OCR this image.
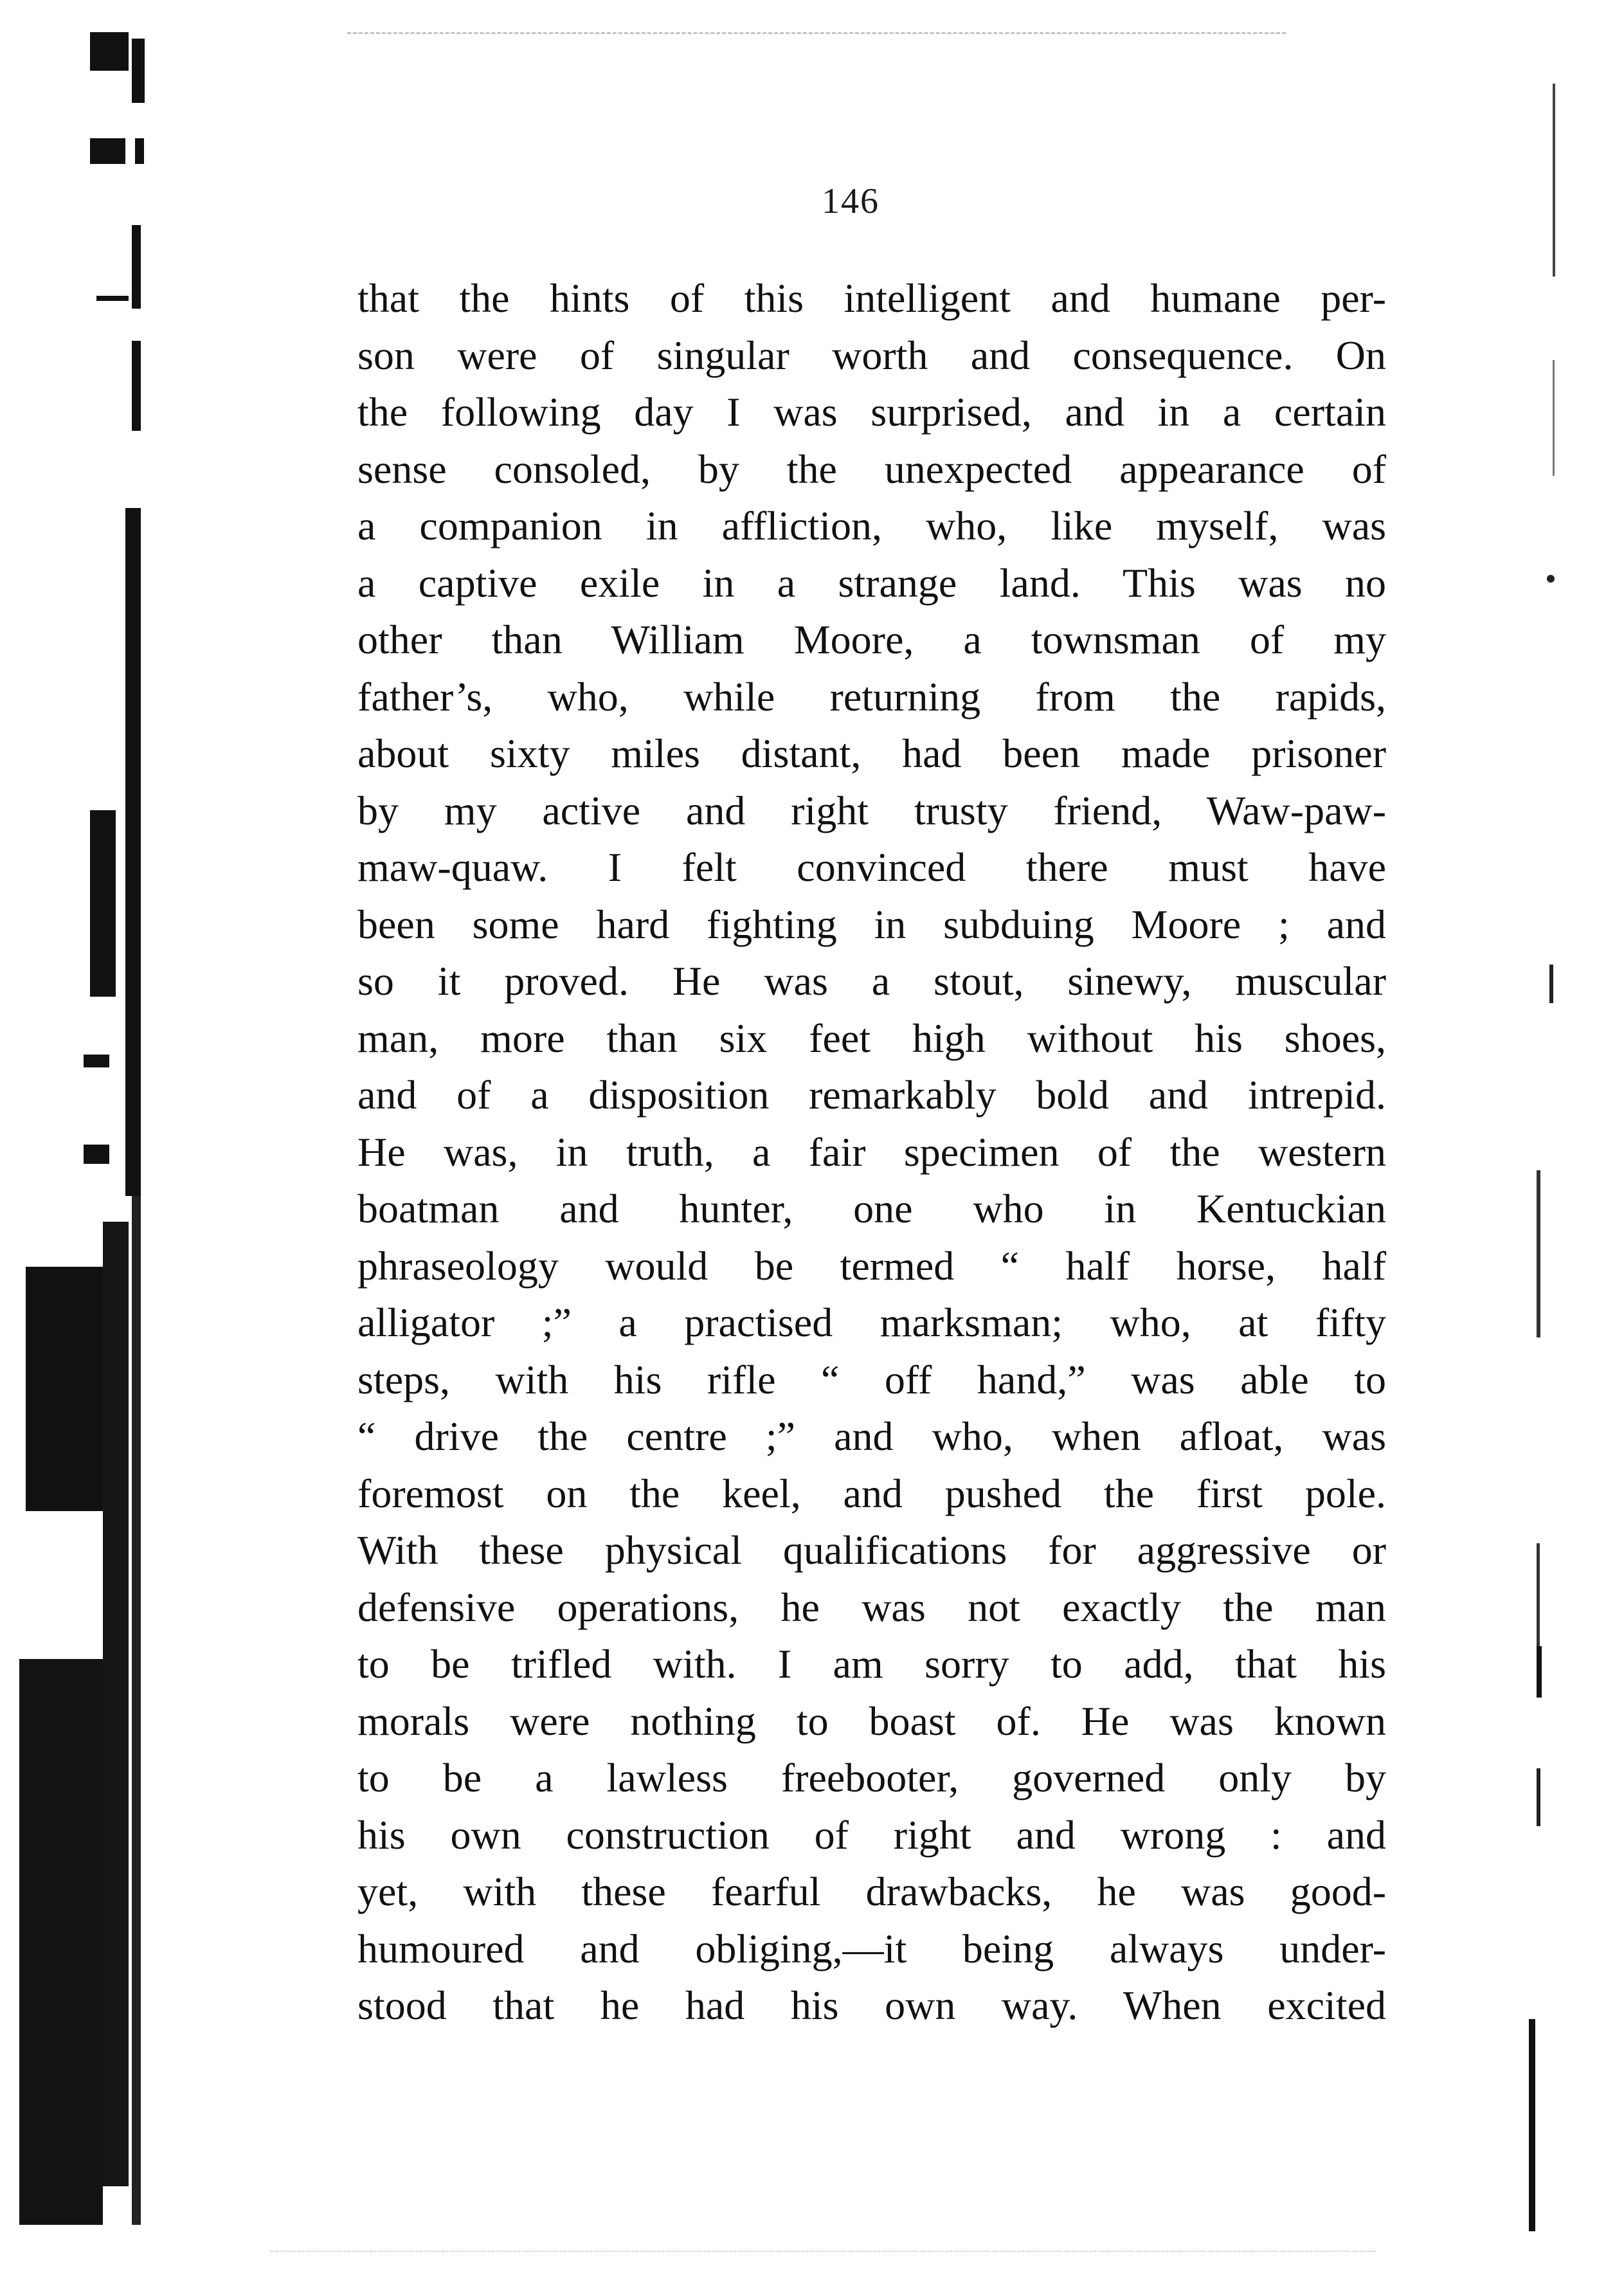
146
that the hints of this intelligent and humane per-
son were of singular worth and consequence. On
the following day I was surprised, and in a certain
sense consoled, by the unexpected appearance of
a companion in affliction, who, like myself, was
a captive exile in a strange land. This was no
other than William Moore, a townsman of my
father’s, who, while returning from the rapids,
about sixty miles distant, had been made prisoner
by my active and right trusty friend, Waw-paw-
maw-quaw. I felt convinced there must have
been some hard fighting in subduing Moore ; and
so it proved. He was a stout, sinewy, muscular
man, more than six feet high without his shoes,
and of a disposition remarkably bold and intrepid.
He was, in truth, a fair specimen of the western
boatman and hunter, one who in Kentuckian
phraseology would be termed “ half horse, half
alligator ;” a practised marksman; who, at fifty
steps, with his rifle “ off hand,” was able to
“ drive the centre ;” and who, when afloat, was
foremost on the keel, and pushed the first pole.
With these physical qualifications for aggressive or
defensive operations, he was not exactly the man
to be trifled with. I am sorry to add, that his
morals were nothing to boast of. He was known
to be a lawless freebooter, governed only by
his own construction of right and wrong : and
yet, with these fearful drawbacks, he was good-
humoured and obliging,—it being always under-
stood that he had his own way. When excited
